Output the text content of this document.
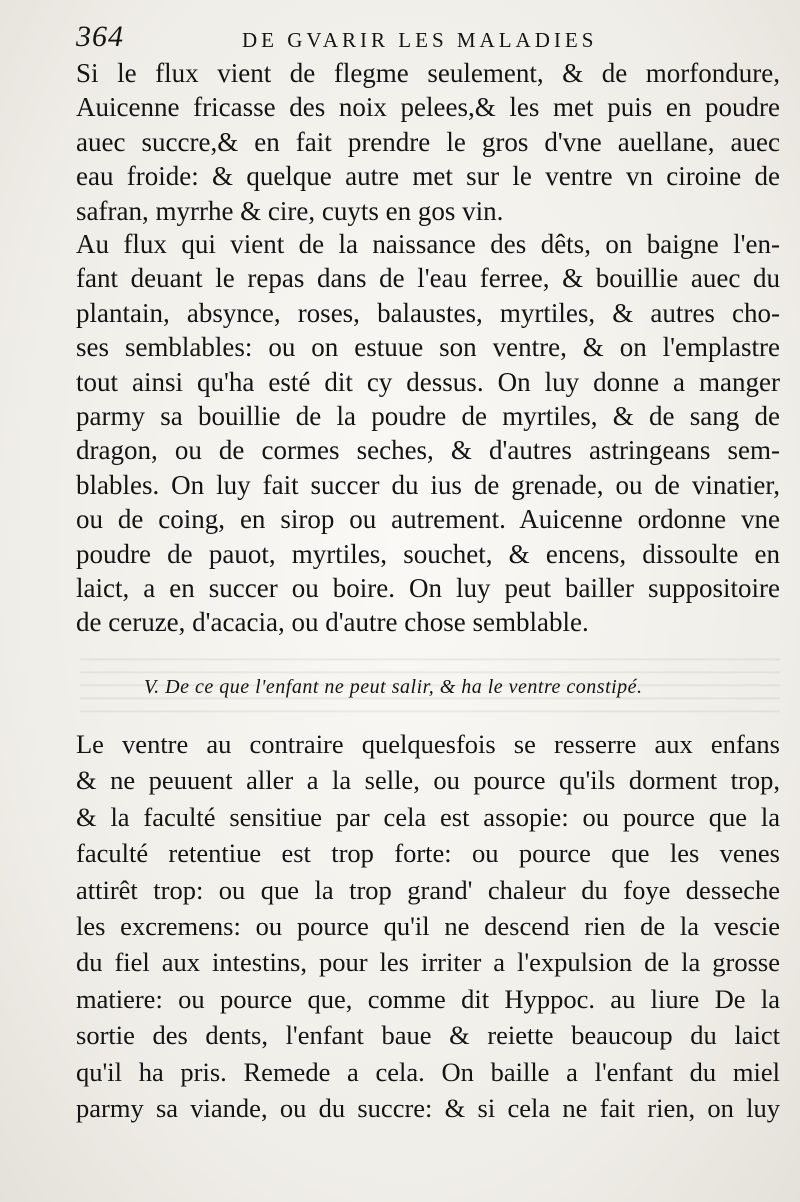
364	DE GVARIR LES MALADIES
Si le flux vient de flegme seulement, & de morfondure,
Auicenne fricasse des noix pelees,& les met puis en poudre
auec succre,& en fait prendre le gros d'vne auellane, auec
eau froide: & quelque autre met sur le ventre vn ciroine de
safran, myrrhe & cire, cuyts en gos vin.
Au flux qui vient de la naissance des dêts, on baigne l'en-
fant deuant le repas dans de l'eau ferree, & bouillie auec du
plantain, absynce, roses, balaustes, myrtiles, & autres cho-
ses semblables: ou on estuue son ventre, & on l'emplastre
tout ainsi qu'ha esté dit cy dessus. On luy donne a manger
parmy sa bouillie de la poudre de myrtiles, & de sang de
dragon, ou de cormes seches, & d'autres astringeans sem-
blables. On luy fait succer du ius de grenade, ou de vinatier,
ou de coing, en sirop ou autrement. Auicenne ordonne vne
poudre de pauot, myrtiles, souchet, & encens, dissoulte en
laict, a en succer ou boire. On luy peut bailler suppositoire
de ceruze, d'acacia, ou d'autre chose semblable.
V. De ce que l'enfant ne peut salir, & ha le ventre constipé.
Le ventre au contraire quelquesfois se resserre aux enfans
& ne peuuent aller a la selle, ou pource qu'ils dorment trop,
& la faculté sensitiue par cela est assopie: ou pource que la
faculté retentiue est trop forte: ou pource que les venes
attirêt trop: ou que la trop grand' chaleur du foye desseche
les excremens: ou pource qu'il ne descend rien de la vescie
du fiel aux intestins, pour les irriter a l'expulsion de la grosse
matiere: ou pource que, comme dit Hyppoc. au liure De la
sortie des dents, l'enfant baue & reiette beaucoup du laict
qu'il ha pris. Remede a cela. On baille a l'enfant du miel
parmy sa viande, ou du succre: & si cela ne fait rien, on luy
